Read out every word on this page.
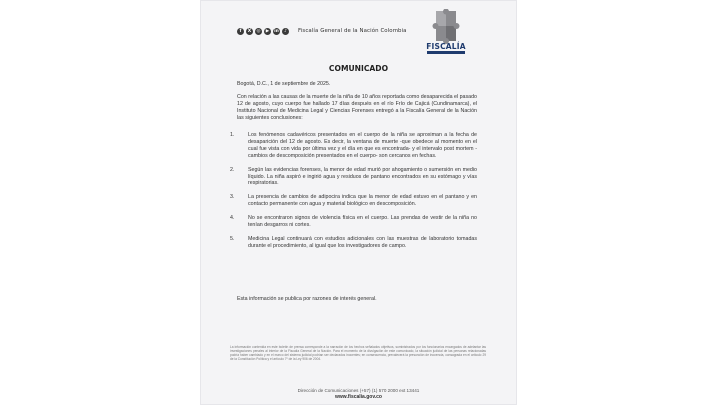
f	X	◎	▶	in	♪	Fiscalía General de la Nación Colombia
FISCALÍA
COMUNICADO
Bogotá, D.C., 1 de septiembre de 2025.
Con relación a las causas de la muerte de la niña de 10 años reportada como desaparecida el pasado 12 de agosto, cuyo cuerpo fue hallado 17 días después en el río Frío de Cajicá (Cundinamarca), el Instituto Nacional de Medicina Legal y Ciencias Forenses entregó a la Fiscalía General de la Nación las siguientes conclusiones:
1.	Los fenómenos cadavéricos presentados en el cuerpo de la niña se aproximan a la fecha de desaparición del 12 de agosto. Es decir, la ventana de muerte -que obedece al momento en el cual fue vista con vida por última vez y el día en que es encontrada- y el intervalo post mortem -cambios de descomposición presentados en el cuerpo- son cercanos en fechas.
2.	Según las evidencias forenses, la menor de edad murió por ahogamiento o sumersión en medio líquido. La niña aspiró e ingirió agua y residuos de pantano encontrados en su estómago y vías respiratorias.
3.	La presencia de cambios de adipocira indica que la menor de edad estuvo en el pantano y en contacto permanente con agua y material biológico en descomposición.
4.	No se encontraron signos de violencia física en el cuerpo. Las prendas de vestir de la niña no tenían desgarros ni cortes.
5.	Medicina Legal continuará con estudios adicionales con las muestras de laboratorio tomadas durante el procedimiento, al igual que los investigadores de campo.
Esta información se publica por razones de interés general.
La información contenida en este boletín de prensa corresponde a la narración de los hechos señalados objetivos, suministrados por los funcionarios encargados de adelantar las investigaciones penales al interior de la Fiscalía General de la Nación. Para el momento de la divulgación de este comunicado, la situación judicial de las personas relacionadas podría haber cambiado y en el marco del sistema judicial podrían ser declarados inocentes; en consecuencia, prevalecerá la presunción de inocencia, consagrada en el artículo 29 de la Constitución Política y el artículo 7º de la Ley 906 de 2004.
Dirección de Comunicaciones (+57) (1) 570 2000 ext 13441
www.fiscalia.gov.co
